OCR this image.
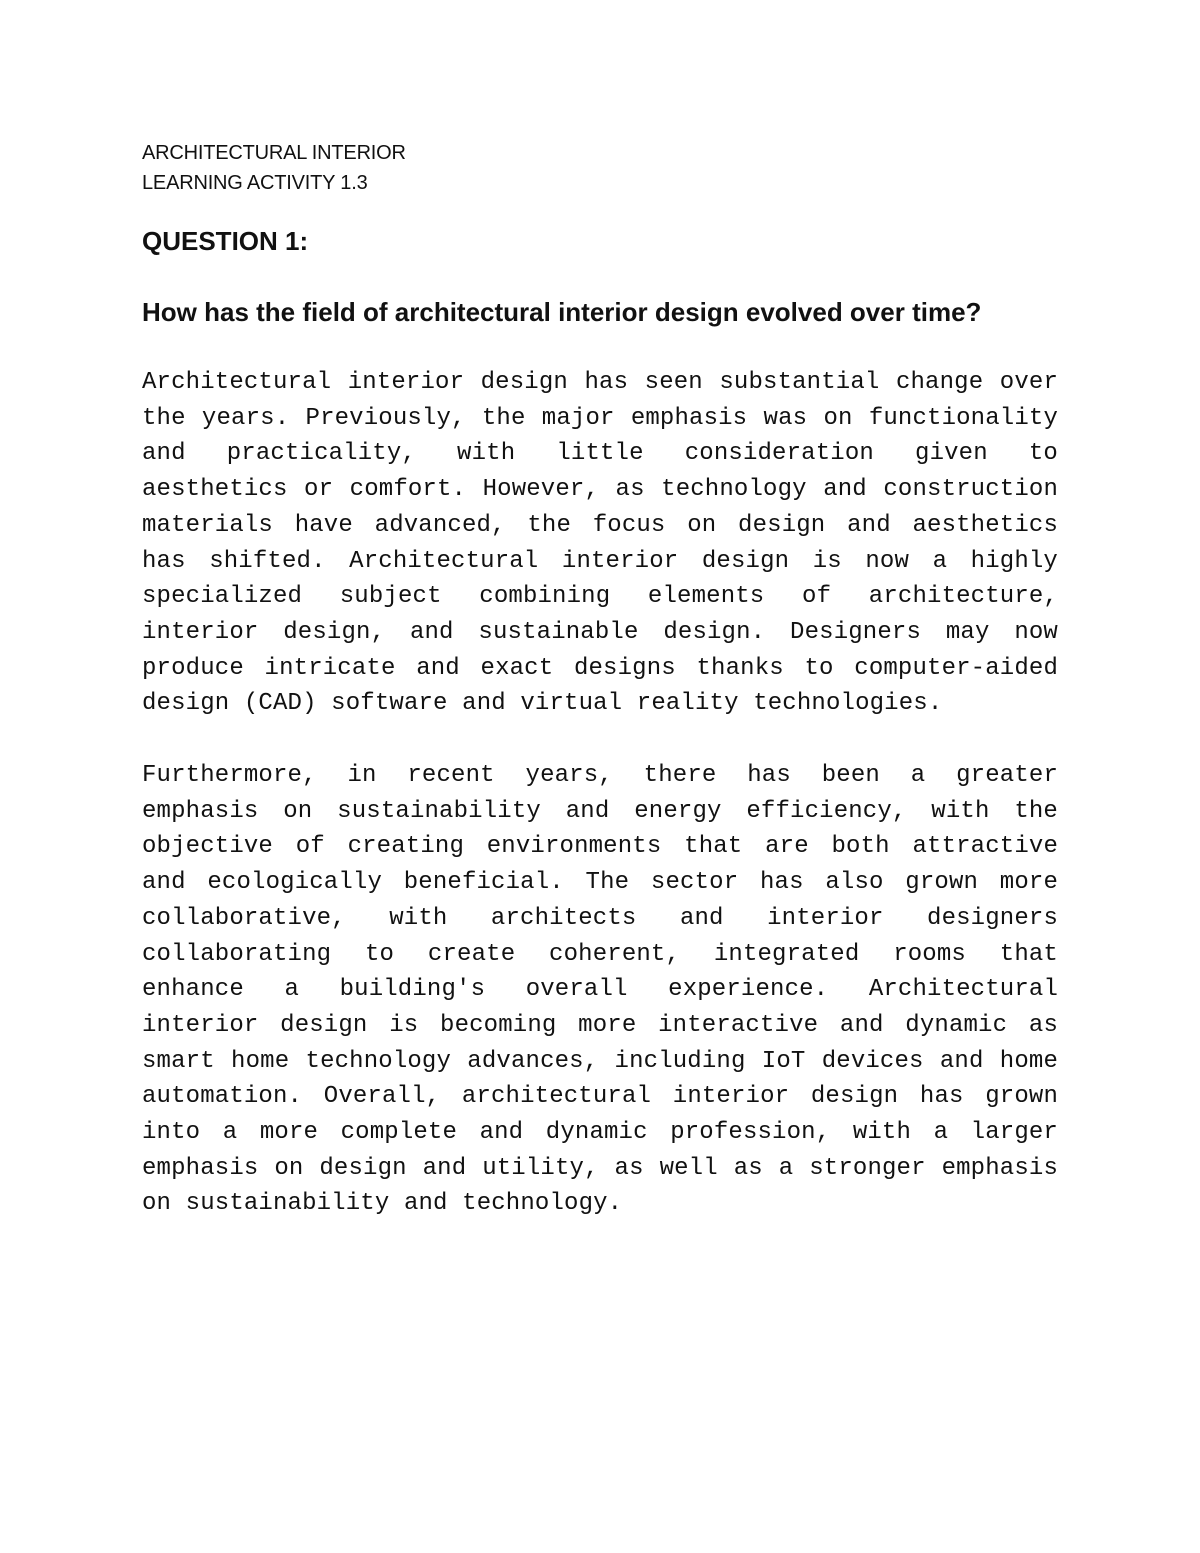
ARCHITECTURAL INTERIOR

LEARNING ACTIVITY 1.3

QUESTION 1:
How has the field of architectural interior design evolved over time?

Architectural interior design has seen substantial change over the years. Previously, the major emphasis was on functionality and practicality, with little consideration given to aesthetics or comfort. However, as technology and construction materials have advanced, the focus on design and aesthetics has shifted. Architectural interior design is now a highly specialized subject combining elements of architecture, interior design, and sustainable design. Designers may now produce intricate and exact designs thanks to computer-aided design (CAD) software and virtual reality technologies.

Furthermore, in recent years, there has been a greater emphasis on sustainability and energy efficiency, with the objective of creating environments that are both attractive and ecologically beneficial. The sector has also grown more collaborative, with architects and interior designers collaborating to create coherent, integrated rooms that enhance a building's overall experience. Architectural interior design is becoming more interactive and dynamic as smart home technology advances, including IoT devices and home automation. Overall, architectural interior design has grown into a more complete and dynamic profession, with a larger emphasis on design and utility, as well as a stronger emphasis on sustainability and technology.
